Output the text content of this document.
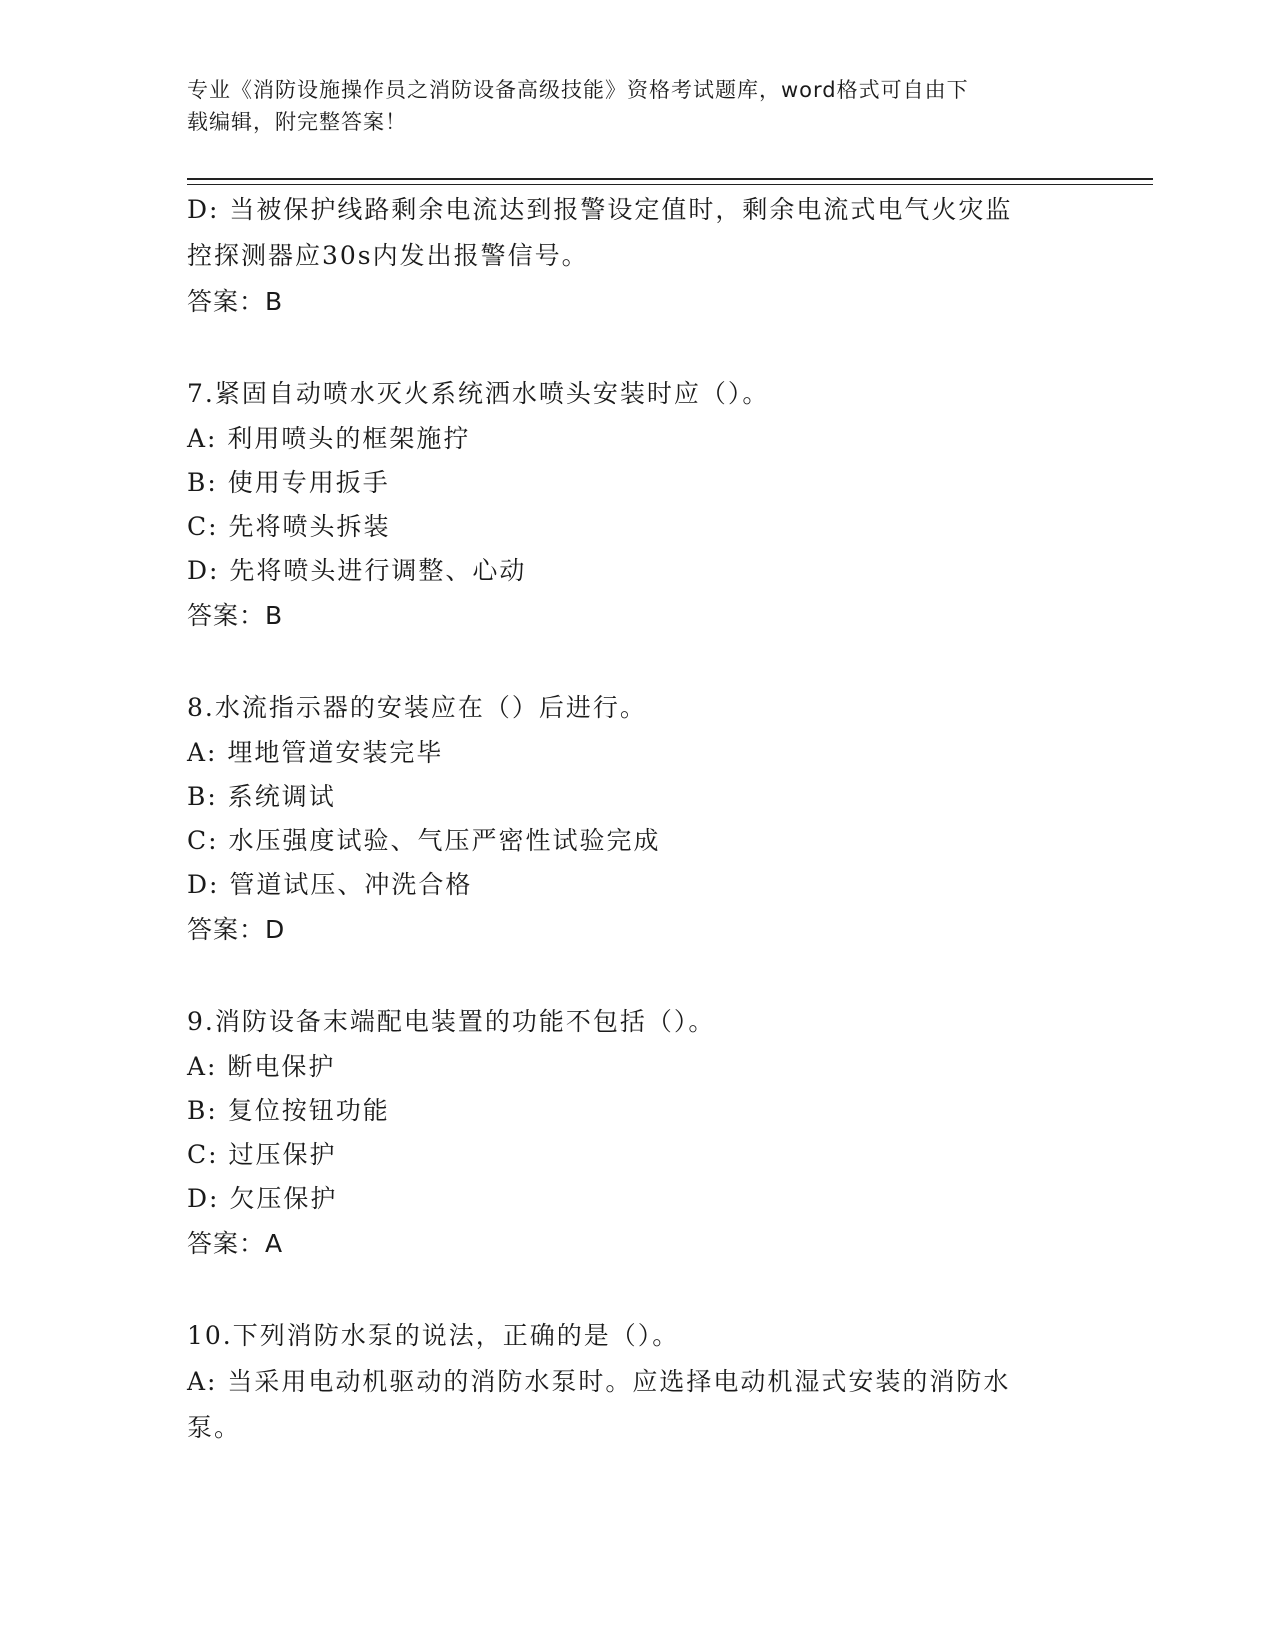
专业《消防设施操作员之消防设备高级技能》资格考试题库，word格式可自由下
载编辑，附完整答案！
D: 当被保护线路剩余电流达到报警设定值时，剩余电流式电气火灾监
控探测器应30s内发出报警信号。
答案：B
7.紧固自动喷水灭火系统洒水喷头安装时应（）。
A: 利用喷头的框架施拧
B: 使用专用扳手
C: 先将喷头拆装
D: 先将喷头进行调整、心动
答案：B
8.水流指示器的安装应在（）后进行。
A: 埋地管道安装完毕
B: 系统调试
C: 水压强度试验、气压严密性试验完成
D: 管道试压、冲洗合格
答案：D
9.消防设备末端配电装置的功能不包括（）。
A: 断电保护
B: 复位按钮功能
C: 过压保护
D: 欠压保护
答案：A
10.下列消防水泵的说法，正确的是（）。
A: 当采用电动机驱动的消防水泵时。应选择电动机湿式安装的消防水
泵。
